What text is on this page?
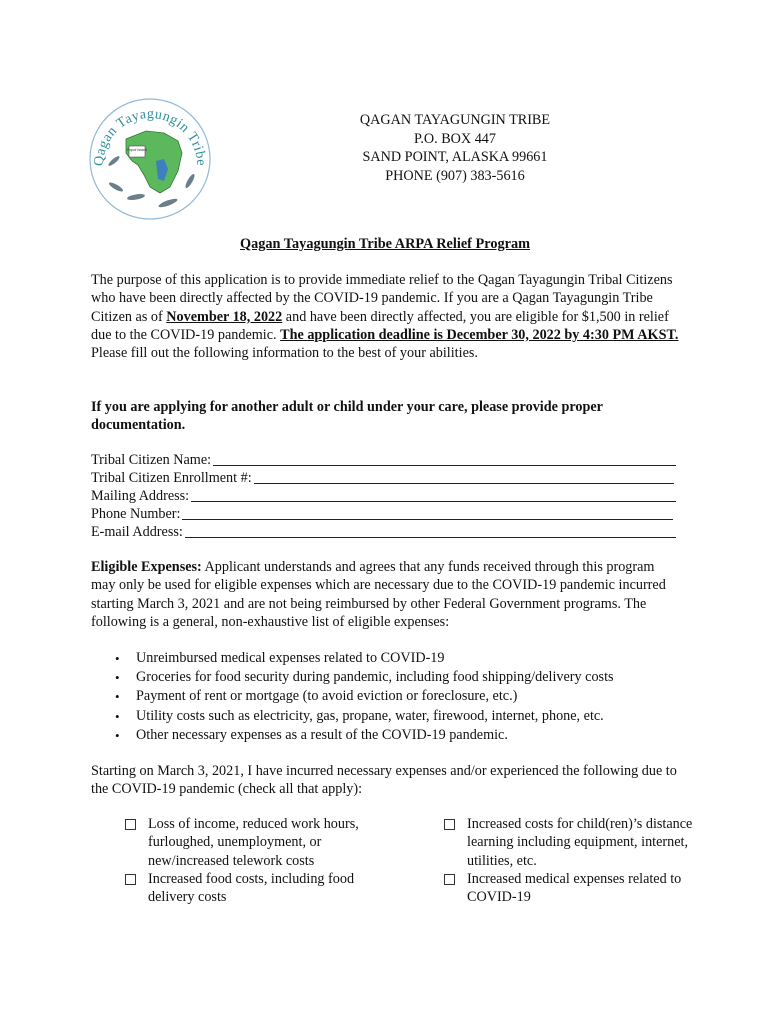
Qagan Tayagungin Tribe
Popof Island
QAGAN TAYAGUNGIN TRIBE
P.O. BOX 447
SAND POINT, ALASKA 99661
PHONE (907) 383-5616
Qagan Tayagungin Tribe ARPA Relief Program
The purpose of this application is to provide immediate relief to the Qagan Tayagungin Tribal Citizens who have been directly affected by the COVID-19 pandemic. If you are a Qagan Tayagungin Tribe Citizen as of November 18, 2022 and have been directly affected, you are eligible for $1,500 in relief due to the COVID-19 pandemic. The application deadline is December 30, 2022 by 4:30 PM AKST. Please fill out the following information to the best of your abilities.
If you are applying for another adult or child under your care, please provide proper documentation.
Tribal Citizen Name:
Tribal Citizen Enrollment #:
Mailing Address:
Phone Number:
E-mail Address:
Eligible Expenses: Applicant understands and agrees that any funds received through this program may only be used for eligible expenses which are necessary due to the COVID-19 pandemic incurred starting March 3, 2021 and are not being reimbursed by other Federal Government programs. The following is a general, non-exhaustive list of eligible expenses:
• Unreimbursed medical expenses related to COVID-19
• Groceries for food security during pandemic, including food shipping/delivery costs
• Payment of rent or mortgage (to avoid eviction or foreclosure, etc.)
• Utility costs such as electricity, gas, propane, water, firewood, internet, phone, etc.
• Other necessary expenses as a result of the COVID-19 pandemic.
Starting on March 3, 2021, I have incurred necessary expenses and/or experienced the following due to the COVID-19 pandemic (check all that apply):
Loss of income, reduced work hours, furloughed, unemployment, or new/increased telework costs
Increased food costs, including food delivery costs
Increased costs for child(ren)’s distance learning including equipment, internet, utilities, etc.
Increased medical expenses related to COVID-19
